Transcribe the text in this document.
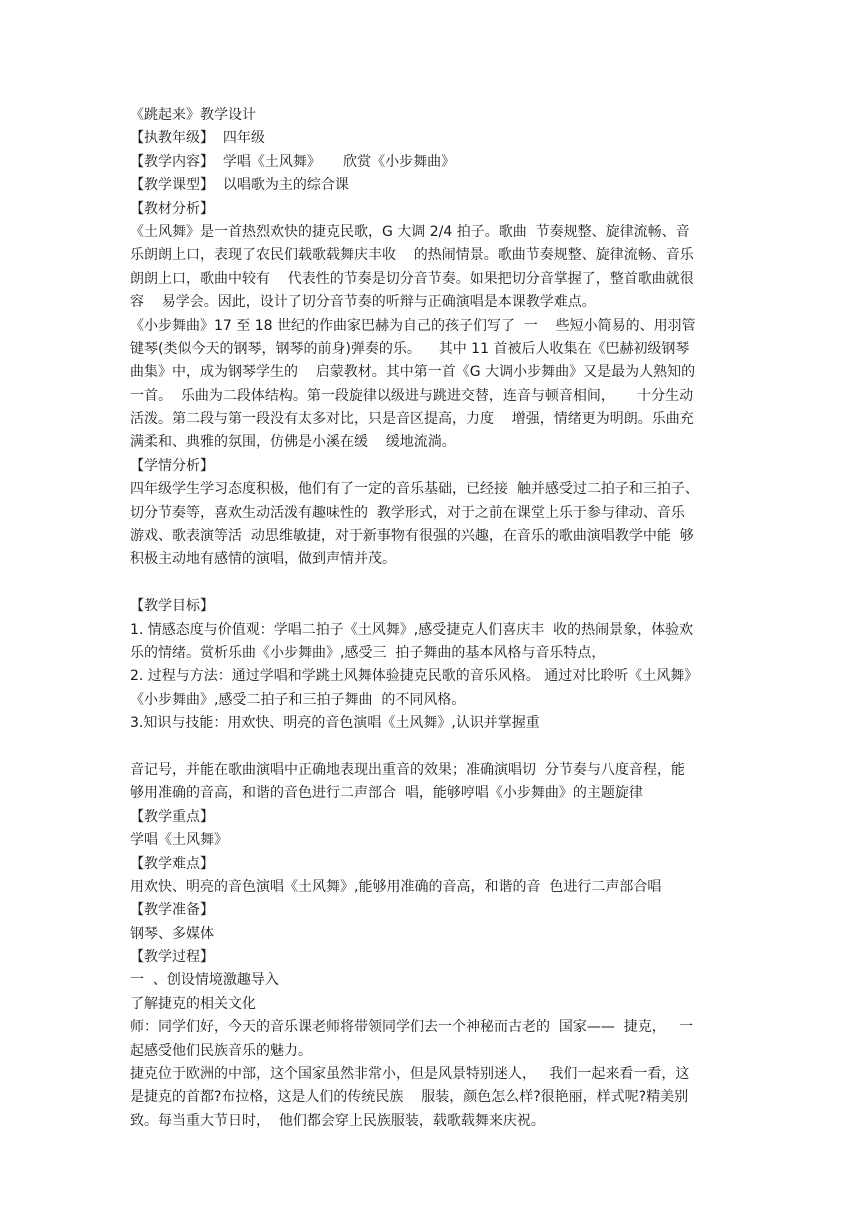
《跳起来》教学设计
【执教年级】  四年级
【教学内容】  学唱《土风舞》     欣赏《小步舞曲》
【教学课型】  以唱歌为主的综合课
【教材分析】
《土风舞》是一首热烈欢快的捷克民歌，G 大调 2/4 拍子。歌曲  节奏规整、旋律流畅、音
乐朗朗上口，表现了农民们载歌载舞庆丰收    的热闹情景。歌曲节奏规整、旋律流畅、音乐
朗朗上口，歌曲中较有    代表性的节奏是切分音节奏。如果把切分音掌握了，整首歌曲就很
容    易学会。因此，设计了切分音节奏的听辩与正确演唱是本课教学难点。
《小步舞曲》17 至 18 世纪的作曲家巴赫为自己的孩子们写了  一    些短小简易的、用羽管
键琴(类似今天的钢琴，钢琴的前身)弹奏的乐。    其中 11 首被后人收集在《巴赫初级钢琴
曲集》中，成为钢琴学生的    启蒙教材。其中第一首《G 大调小步舞曲》又是最为人熟知的
一首。  乐曲为二段体结构。第一段旋律以级进与跳进交替，连音与顿音相间，     十分生动
活泼。第二段与第一段没有太多对比，只是音区提高，力度    增强，情绪更为明朗。乐曲充
满柔和、典雅的氛围，仿佛是小溪在缓    缓地流淌。
【学情分析】
四年级学生学习态度积极，他们有了一定的音乐基础，已经接  触并感受过二拍子和三拍子、
切分节奏等，喜欢生动活泼有趣味性的  教学形式，对于之前在课堂上乐于参与律动、音乐
游戏、歌表演等活  动思维敏捷，对于新事物有很强的兴趣，在音乐的歌曲演唱教学中能  够
积极主动地有感情的演唱，做到声情并茂。
【教学目标】
1. 情感态度与价值观：学唱二拍子《土风舞》,感受捷克人们喜庆丰  收的热闹景象，体验欢
乐的情绪。赏析乐曲《小步舞曲》,感受三  拍子舞曲的基本风格与音乐特点，
2. 过程与方法：通过学唱和学跳土风舞体验捷克民歌的音乐风格。 通过对比聆听《土风舞》
《小步舞曲》,感受二拍子和三拍子舞曲  的不同风格。
3.知识与技能：用欢快、明亮的音色演唱《土风舞》,认识并掌握重
音记号，并能在歌曲演唱中正确地表现出重音的效果；准确演唱切  分节奏与八度音程，能
够用准确的音高，和谐的音色进行二声部合  唱，能够哼唱《小步舞曲》的主题旋律
【教学重点】
学唱《土风舞》
【教学难点】
用欢快、明亮的音色演唱《土风舞》,能够用准确的音高，和谐的音  色进行二声部合唱
【教学准备】
钢琴、多媒体
【教学过程】
一  、创设情境激趣导入
了解捷克的相关文化
师：同学们好，今天的音乐课老师将带领同学们去一个神秘而古老的  国家——  捷克，   一
起感受他们民族音乐的魅力。
捷克位于欧洲的中部，这个国家虽然非常小，但是风景特别迷人，   我们一起来看一看，这
是捷克的首都?布拉格，这是人们的传统民族    服装，颜色怎么样?很艳丽，样式呢?精美别
致。每当重大节日时，  他们都会穿上民族服装，载歌载舞来庆祝。
